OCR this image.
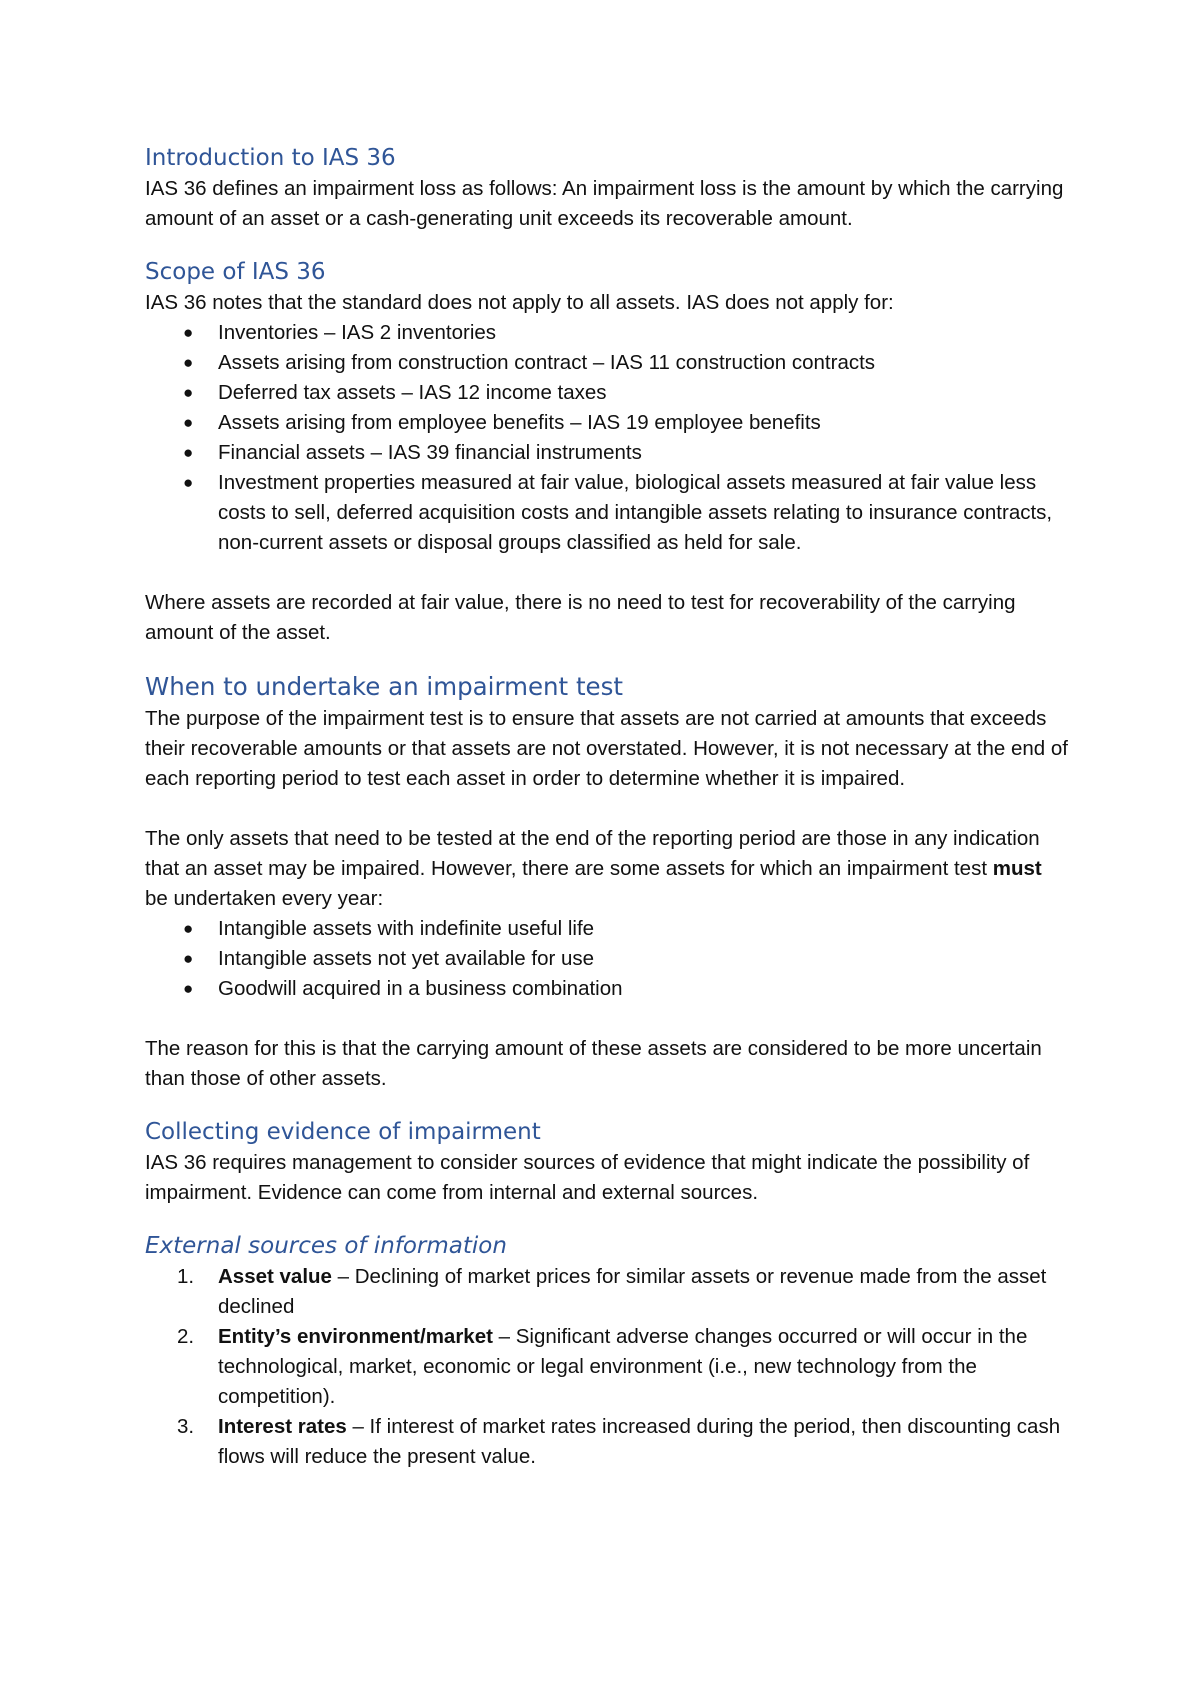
Introduction to IAS 36

IAS 36 defines an impairment loss as follows: An impairment loss is the amount by which the carrying amount of an asset or a cash-generating unit exceeds its recoverable amount.

Scope of IAS 36

IAS 36 notes that the standard does not apply to all assets. IAS does not apply for:

● Inventories – IAS 2 inventories
● Assets arising from construction contract – IAS 11 construction contracts
● Deferred tax assets – IAS 12 income taxes
● Assets arising from employee benefits – IAS 19 employee benefits
● Financial assets – IAS 39 financial instruments
● Investment properties measured at fair value, biological assets measured at fair value less costs to sell, deferred acquisition costs and intangible assets relating to insurance contracts, non-current assets or disposal groups classified as held for sale.

Where assets are recorded at fair value, there is no need to test for recoverability of the carrying amount of the asset.

When to undertake an impairment test

The purpose of the impairment test is to ensure that assets are not carried at amounts that exceeds their recoverable amounts or that assets are not overstated. However, it is not necessary at the end of each reporting period to test each asset in order to determine whether it is impaired.

The only assets that need to be tested at the end of the reporting period are those in any indication that an asset may be impaired. However, there are some assets for which an impairment test must be undertaken every year:

● Intangible assets with indefinite useful life
● Intangible assets not yet available for use
● Goodwill acquired in a business combination

The reason for this is that the carrying amount of these assets are considered to be more uncertain than those of other assets.

Collecting evidence of impairment

IAS 36 requires management to consider sources of evidence that might indicate the possibility of impairment. Evidence can come from internal and external sources.

External sources of information
1. Asset value – Declining of market prices for similar assets or revenue made from the asset declined
2. Entity’s environment/market – Significant adverse changes occurred or will occur in the technological, market, economic or legal environment (i.e., new technology from the competition).
3. Interest rates – If interest of market rates increased during the period, then discounting cash flows will reduce the present value.
